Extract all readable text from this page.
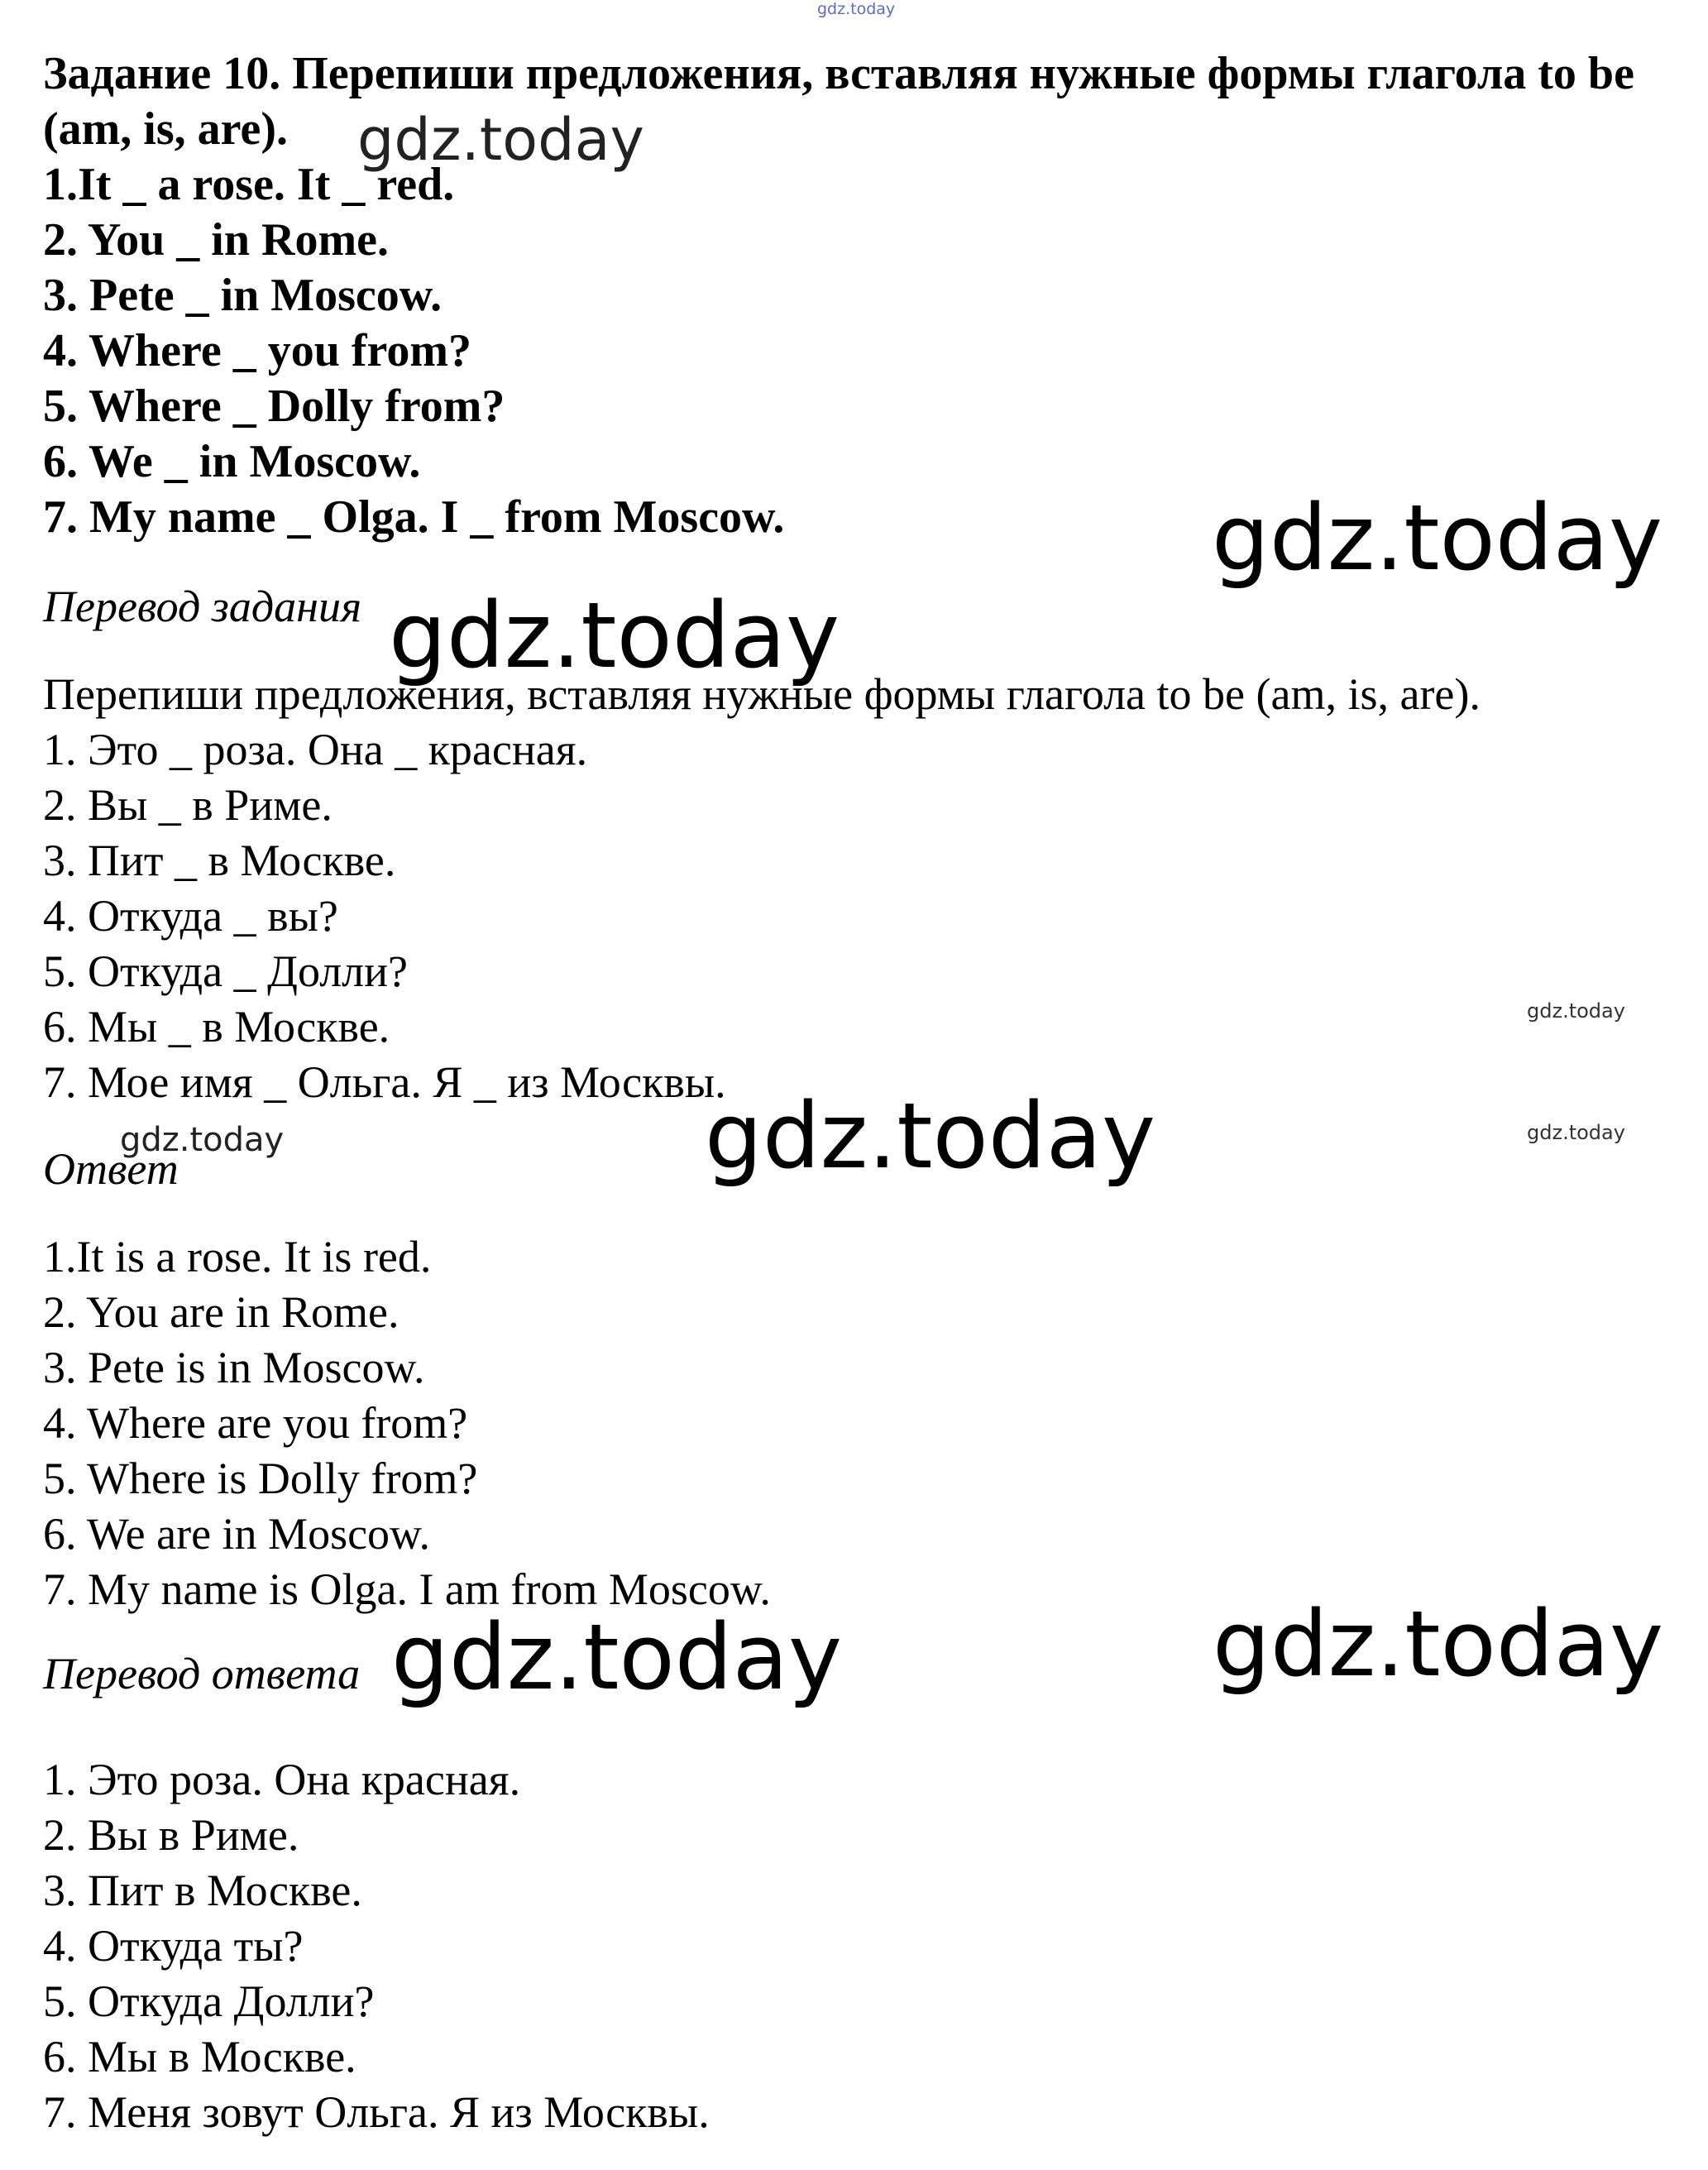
Задание 10. Перепиши предложения, вставляя нужные формы глагола to be (am, is, are).

1.It _ a rose. It _ red.
2. You _ in Rome.
3. Pete _ in Moscow.
4. Where _ you from?
5. Where _ Dolly from?
6. We _ in Moscow.
7. My name _ Olga. I _ from Moscow.

Перевод задания

Перепиши предложения, вставляя нужные формы глагола to be (am, is, are).

1. Это _ роза. Она _ красная.
2. Вы _ в Риме.
3. Пит _ в Москве.
4. Откуда _ вы?
5. Откуда _ Долли?
6. Мы _ в Москве.
7. Мое имя _ Ольга. Я _ из Москвы.

Ответ

1.It is a rose. It is red.
2. You are in Rome.
3. Pete is in Moscow.
4. Where are you from?
5. Where is Dolly from?
6. We are in Moscow.
7. My name is Olga. I am from Moscow.

Перевод ответа

1. Это роза. Она красная.
2. Вы в Риме.
3. Пит в Москве.
4. Откуда ты?
5. Откуда Долли?
6. Мы в Москве.
7. Меня зовут Ольга. Я из Москвы.
gdz.today
gdz.today
gdz.today
gdz.today
gdz.today
gdz.today	gdz.today	gdz.today
gdz.today	gdz.today
